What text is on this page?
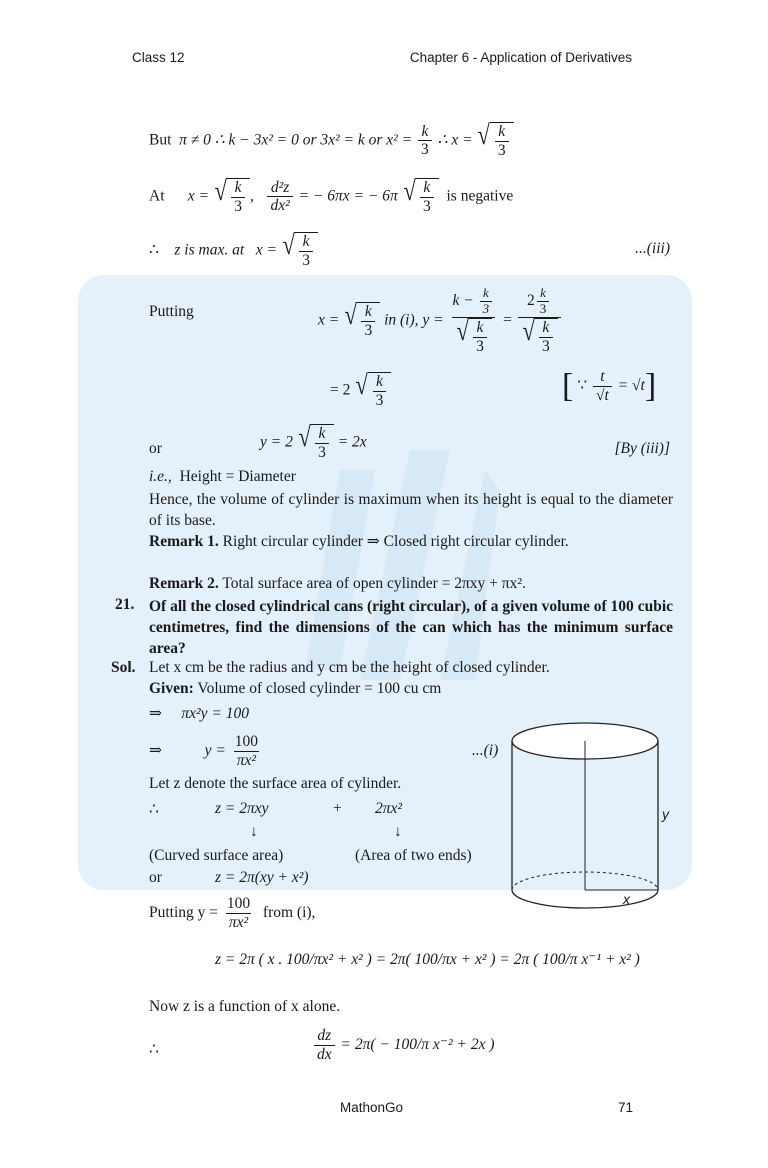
Class 12	Chapter 6 - Application of Derivatives
But π ≠ 0 ∴ k − 3x² = 0 or 3x² = k or $x^2 = \frac{k}{3}$ ∴ x = √ $\frac{k}{3}$
At x = √ $\frac{k}{3}$ , $\frac{\text{d²z}}{\text{dx²}}$ = − 6πx = − 6π √ $\frac{k}{3}$ is negative
∴ z is max. at x = √ $\frac{k}{3}$	...(iii)
Putting	x = √ $\frac{k}{3}$ in (i), $y = \frac{k - \frac{k}{3}}{√ \frac{k}{3}} = \frac{2 \frac{k}{3}}{√ \frac{k}{3}}$
= 2 √ $\frac{k}{3}$	[ ∵ $\frac{t}{√t} = √t$]
or	y = 2 √ $\frac{k}{3} = 2x$	[By (iii)]
i.e., Height = Diameter
Hence, the volume of cylinder is maximum when its height is equal to the diameter of its base.
Remark 1. Right circular cylinder ⇒ Closed right circular cylinder.
Remark 2. Total surface area of open cylinder = 2πxy + πx².
21. Of all the closed cylindrical cans (right circular), of a given volume of 100 cubic centimetres, find the dimensions of the can which has the minimum surface area?
Sol. Let x cm be the radius and y cm be the height of closed cylinder.
Given: Volume of closed cylinder = 100 cu cm
⇒ πx²y = 100
⇒	$y = \frac{100}{\text{πx²}}$	...(i)
Let z denote the surface area of cylinder.
∴	z = 2πxy	+ 2πx²
↓	↓
(Curved surface area)	(Area of two ends)
or	z = 2π(xy + x²)
y
x
Putting $y = \frac{100}{\text{πx²}}$ from (i),
z = 2π ( x . 100/πx² + x² ) = 2π( 100/πx + x² ) = 2π ( 100/π x⁻¹ + x² )
Now z is a function of x alone.
∴	$\frac{dz}{dx} = 2\pi( - 100/\pi$ x⁻² + 2x )
MathonGo	71
